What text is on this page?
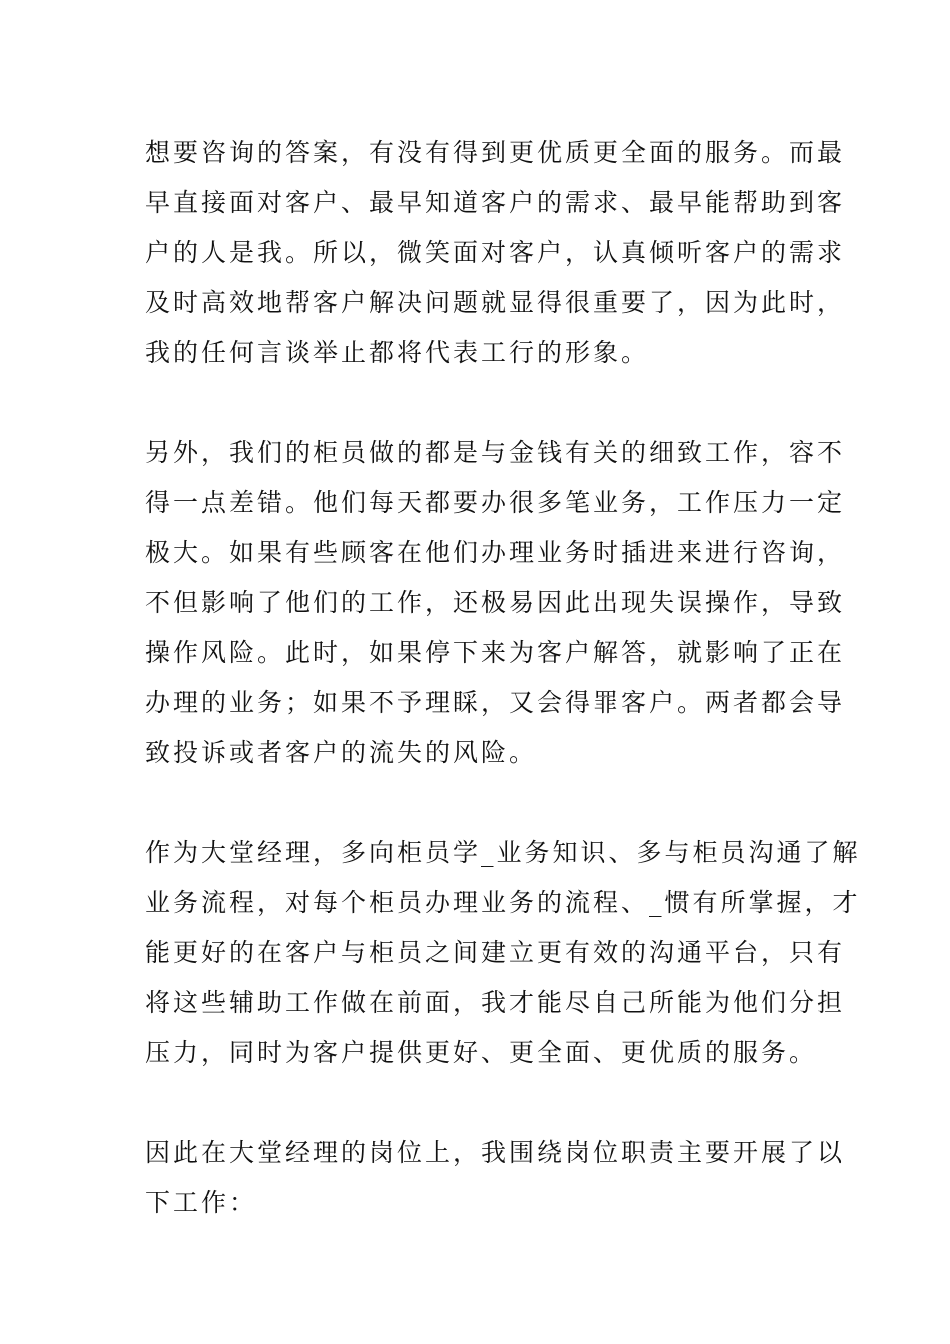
想要咨询的答案，有没有得到更优质更全面的服务。而最
早直接面对客户、最早知道客户的需求、最早能帮助到客
户的人是我。所以，微笑面对客户，认真倾听客户的需求
及时高效地帮客户解决问题就显得很重要了，因为此时，
我的任何言谈举止都将代表工行的形象。
另外，我们的柜员做的都是与金钱有关的细致工作，容不
得一点差错。他们每天都要办很多笔业务，工作压力一定
极大。如果有些顾客在他们办理业务时插进来进行咨询，
不但影响了他们的工作，还极易因此出现失误操作，导致
操作风险。此时，如果停下来为客户解答，就影响了正在
办理的业务；如果不予理睬，又会得罪客户。两者都会导
致投诉或者客户的流失的风险。
作为大堂经理，多向柜员学_业务知识、多与柜员沟通了解
业务流程，对每个柜员办理业务的流程、_惯有所掌握，才
能更好的在客户与柜员之间建立更有效的沟通平台，只有
将这些辅助工作做在前面，我才能尽自己所能为他们分担
压力，同时为客户提供更好、更全面、更优质的服务。
因此在大堂经理的岗位上，我围绕岗位职责主要开展了以
下工作：
